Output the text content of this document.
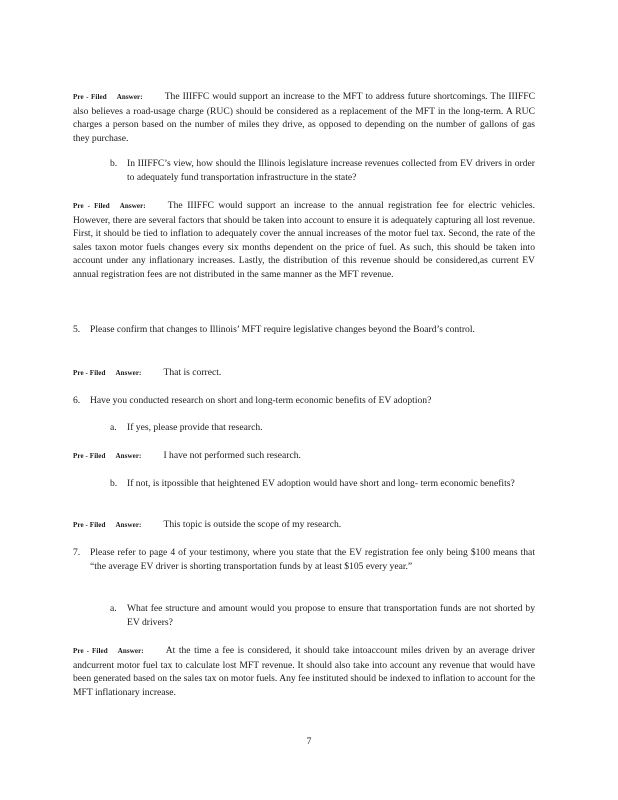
Pre - Filed Answer: The IIIFFC would support an increase to the MFT to address future shortcomings. The IIIFFC also believes a road-usage charge (RUC) should be considered as a replacement of the MFT in the long-term. A RUC charges a person based on the number of miles they drive, as opposed to depending on the number of gallons of gas they purchase.
b.	In IIIFFC’s view, how should the Illinois legislature increase revenues collected from EV drivers in order to adequately fund transportation infrastructure in the state?
Pre - Filed Answer: The IIIFFC would support an increase to the annual registration fee for electric vehicles. However, there are several factors that should be taken into account to ensure it is adequately capturing all lost revenue. First, it should be tied to inflation to adequately cover the annual increases of the motor fuel tax. Second, the rate of the sales taxon motor fuels changes every six months dependent on the price of fuel. As such, this should be taken into account under any inflationary increases. Lastly, the distribution of this revenue should be considered,as current EV annual registration fees are not distributed in the same manner as the MFT revenue.
5.	Please confirm that changes to Illinois’ MFT require legislative changes beyond the Board’s control.
Pre - Filed Answer: That is correct.
6.	Have you conducted research on short and long-term economic benefits of EV adoption?
a.	If yes, please provide that research.
Pre - Filed Answer: I have not performed such research.
b.	If not, is itpossible that heightened EV adoption would have short and long- term economic benefits?
Pre - Filed Answer: This topic is outside the scope of my research.
7.	Please refer to page 4 of your testimony, where you state that the EV registration fee only being $100 means that “the average EV driver is shorting transportation funds by at least $105 every year.”
a.	What fee structure and amount would you propose to ensure that transportation funds are not shorted by EV drivers?
Pre - Filed Answer: At the time a fee is considered, it should take intoaccount miles driven by an average driver andcurrent motor fuel tax to calculate lost MFT revenue. It should also take into account any revenue that would have been generated based on the sales tax on motor fuels. Any fee instituted should be indexed to inflation to account for the MFT inflationary increase.
7
